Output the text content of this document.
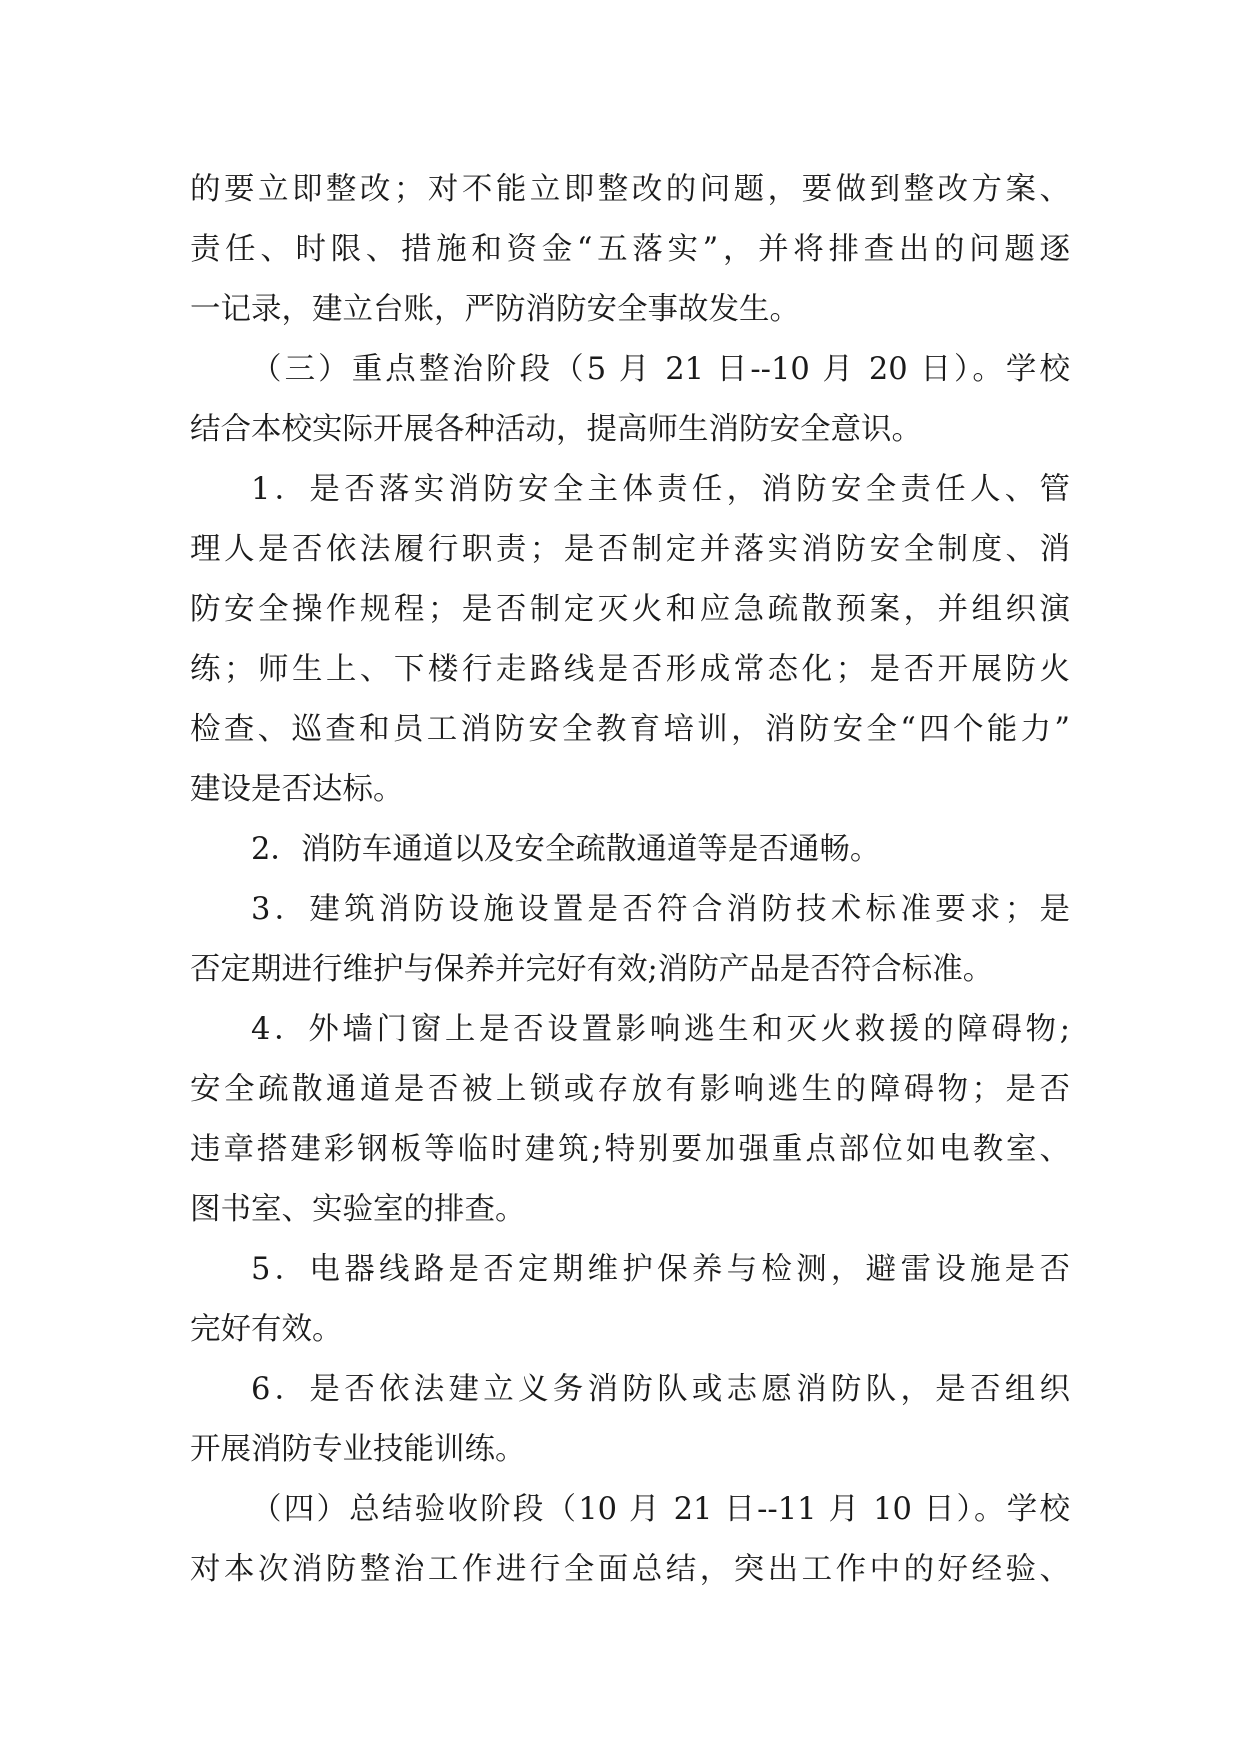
的要立即整改；对不能立即整改的问题，要做到整改方案、
责任、时限、措施和资金“五落实”，并将排查出的问题逐
一记录，建立台账，严防消防安全事故发生。
（三）重点整治阶段（5 月 21 日--10 月 20 日）。学校
结合本校实际开展各种活动，提高师生消防安全意识。
1．是否落实消防安全主体责任，消防安全责任人、管
理人是否依法履行职责；是否制定并落实消防安全制度、消
防安全操作规程；是否制定灭火和应急疏散预案，并组织演
练；师生上、下楼行走路线是否形成常态化；是否开展防火
检查、巡查和员工消防安全教育培训，消防安全“四个能力”
建设是否达标。
2．消防车通道以及安全疏散通道等是否通畅。
3．建筑消防设施设置是否符合消防技术标准要求；是
否定期进行维护与保养并完好有效;消防产品是否符合标准。
4．外墙门窗上是否设置影响逃生和灭火救援的障碍物;
安全疏散通道是否被上锁或存放有影响逃生的障碍物；是否
违章搭建彩钢板等临时建筑;特别要加强重点部位如电教室、
图书室、实验室的排查。
5．电器线路是否定期维护保养与检测，避雷设施是否
完好有效。
6．是否依法建立义务消防队或志愿消防队，是否组织
开展消防专业技能训练。
（四）总结验收阶段（10 月 21 日--11 月 10 日）。学校
对本次消防整治工作进行全面总结，突出工作中的好经验、
